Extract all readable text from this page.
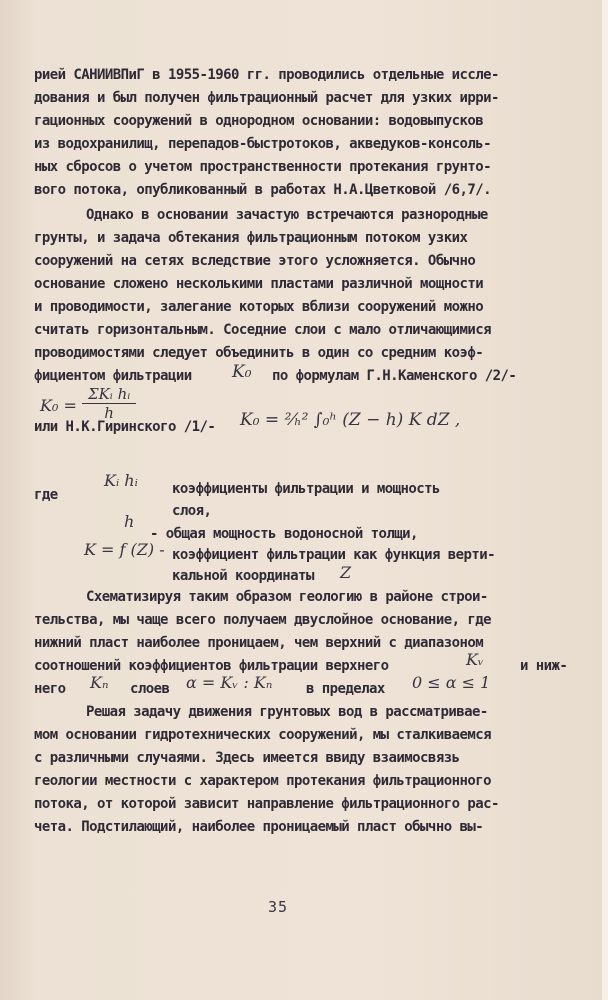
рией САНИИВПиГ в 1955-1960 гг. проводились отдельные иссле-
дования и был получен фильтрационный расчет для узких ирри-
гационных сооружений в однородном основании: водовыпусков
из водохранилищ, перепадов-быстротоков, акведуков-консоль-
ных сбросов о учетом пространственности протекания грунто-
вого потока, опубликованный в работах Н.А.Цветковой /6,7/.
Однако в основании зачастую встречаются разнородные
грунты, и задача обтекания фильтрационным потоком узких
сооружений на сетях вследствие этого усложняется. Обычно
основание сложено несколькими пластами различной мощности
и проводимости, залегание которых вблизи сооружений можно
считать горизонтальным. Соседние слои с мало отличающимися
проводимостями следует объединить в один со средним коэф-
фициентом фильтрации K₀ по формулам Г.Н.Каменского /2/-
K₀ =
ΣKᵢ hᵢ
h
или Н.К.Гиринского /1/- K₀ = ²⁄ₕ² ∫₀ʰ (Z − h) K dZ ,
где
Kᵢ hᵢ коэффициенты фильтрации и мощность
слоя,
h
- общая мощность водоносной толщи,
K = f (Z) - коэффициент фильтрации как функция верти-
кальной координаты Z
Схематизируя таким образом геологию в районе строи-
тельства, мы чаще всего получаем двуслойное основание, где
нижний пласт наиболее проницаем, чем верхний с диапазоном
соотношений коэффициентов фильтрации верхнего	Kᵥ	и ниж-
него Kₙ слоев α = Kᵥ : Kₙ в пределах 0 ≤ α ≤ 1
Решая задачу движения грунтовых вод в рассматривае-
мом основании гидротехнических сооружений, мы сталкиваемся
с различными случаями. Здесь имеется ввиду взаимосвязь
геологии местности с характером протекания фильтрационного
потока, от которой зависит направление фильтрационного рас-
чета. Подстилающий, наиболее проницаемый пласт обычно вы-
35
